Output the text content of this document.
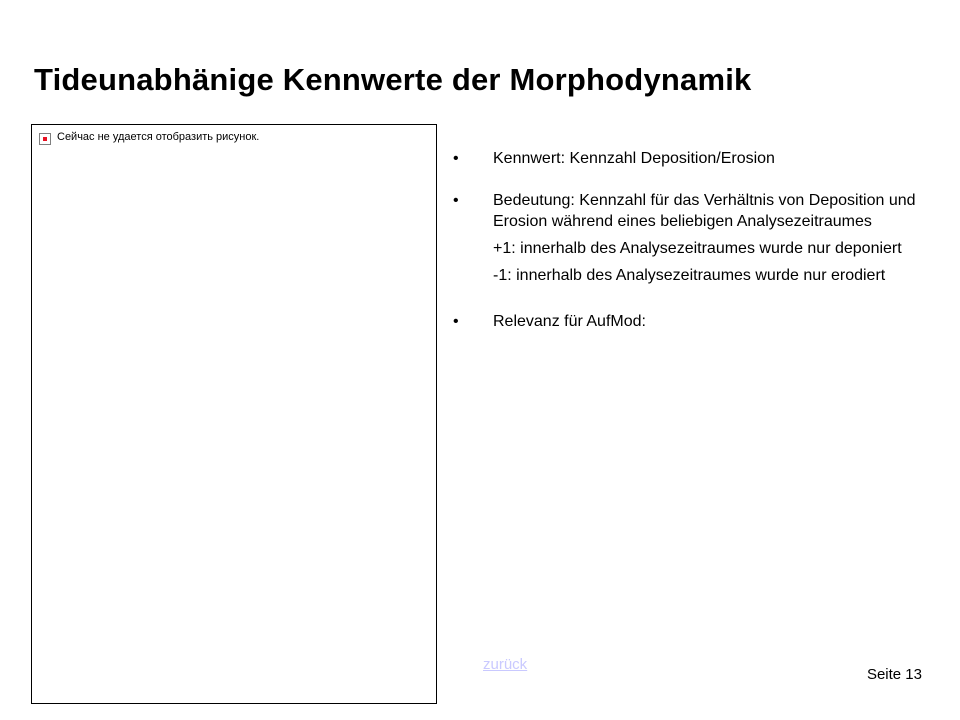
Tideunabhänige Kennwerte der Morphodynamik
Сейчас не удается отобразить рисунок.
• Kennwert: Kennzahl Deposition/Erosion
• Bedeutung: Kennzahl für das Verhältnis von Deposition und Erosion während eines beliebigen Analysezeitraumes
+1: innerhalb des Analysezeitraumes wurde nur deponiert
-1: innerhalb des Analysezeitraumes wurde nur erodiert
• Relevanz für AufMod:
zurück
Seite 13
